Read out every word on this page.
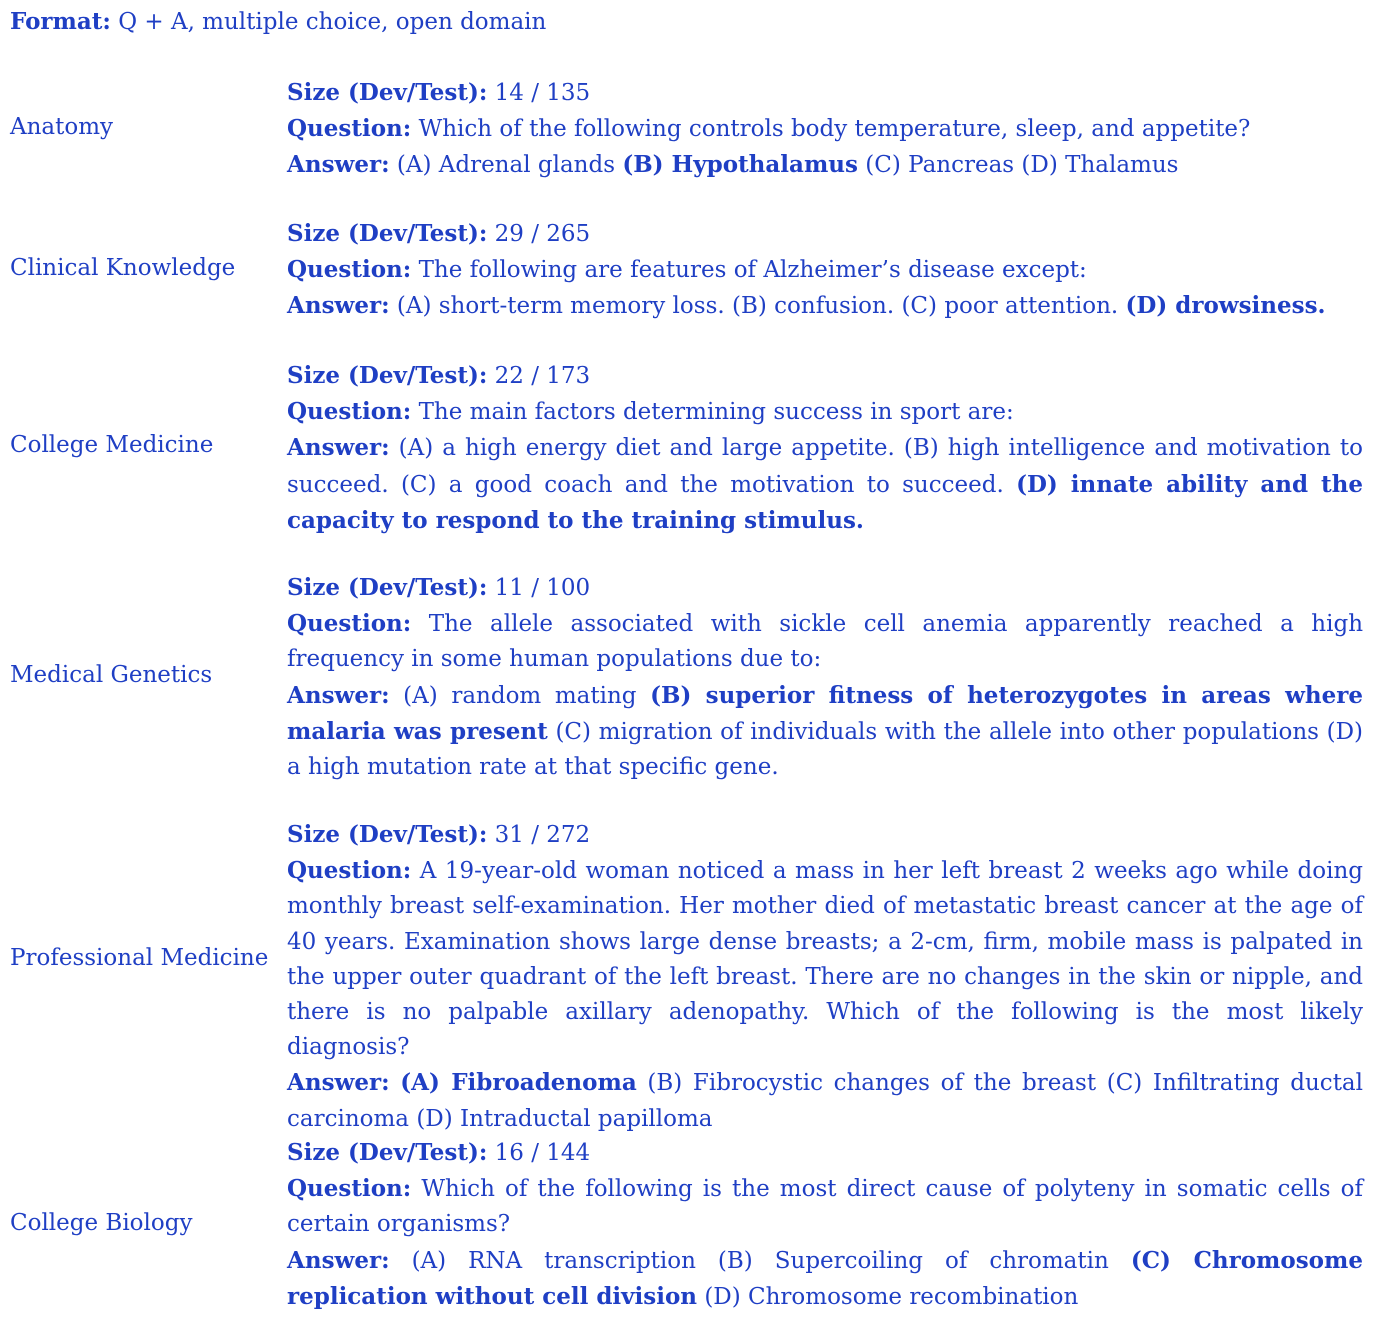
Format: Q + A, multiple choice, open domain
Anatomy
Size (Dev/Test): 14 / 135
Question: Which of the following controls body temperature, sleep, and appetite?
Answer: (A) Adrenal glands (B) Hypothalamus (C) Pancreas (D) Thalamus
Clinical Knowledge
Size (Dev/Test): 29 / 265
Question: The following are features of Alzheimer’s disease except:
Answer: (A) short-term memory loss. (B) confusion. (C) poor attention. (D) drowsiness.
College Medicine
Size (Dev/Test): 22 / 173
Question: The main factors determining success in sport are:
Answer: (A) a high energy diet and large appetite. (B) high intelligence and motivation to succeed. (C) a good coach and the motivation to succeed. (D) innate ability and the capacity to respond to the training stimulus.
Medical Genetics
Size (Dev/Test): 11 / 100
Question: The allele associated with sickle cell anemia apparently reached a high frequency in some human populations due to:
Answer: (A) random mating (B) superior fitness of heterozygotes in areas where malaria was present (C) migration of individuals with the allele into other populations (D) a high mutation rate at that specific gene.
Professional Medicine
Size (Dev/Test): 31 / 272
Question: A 19-year-old woman noticed a mass in her left breast 2 weeks ago while doing monthly breast self-examination. Her mother died of metastatic breast cancer at the age of 40 years. Examination shows large dense breasts; a 2-cm, firm, mobile mass is palpated in the upper outer quadrant of the left breast. There are no changes in the skin or nipple, and there is no palpable axillary adenopathy. Which of the following is the most likely diagnosis?
Answer: (A) Fibroadenoma (B) Fibrocystic changes of the breast (C) Infiltrating ductal carcinoma (D) Intraductal papilloma
College Biology
Size (Dev/Test): 16 / 144
Question: Which of the following is the most direct cause of polyteny in somatic cells of certain organisms?
Answer: (A) RNA transcription (B) Supercoiling of chromatin (C) Chromosome replication without cell division (D) Chromosome recombination
